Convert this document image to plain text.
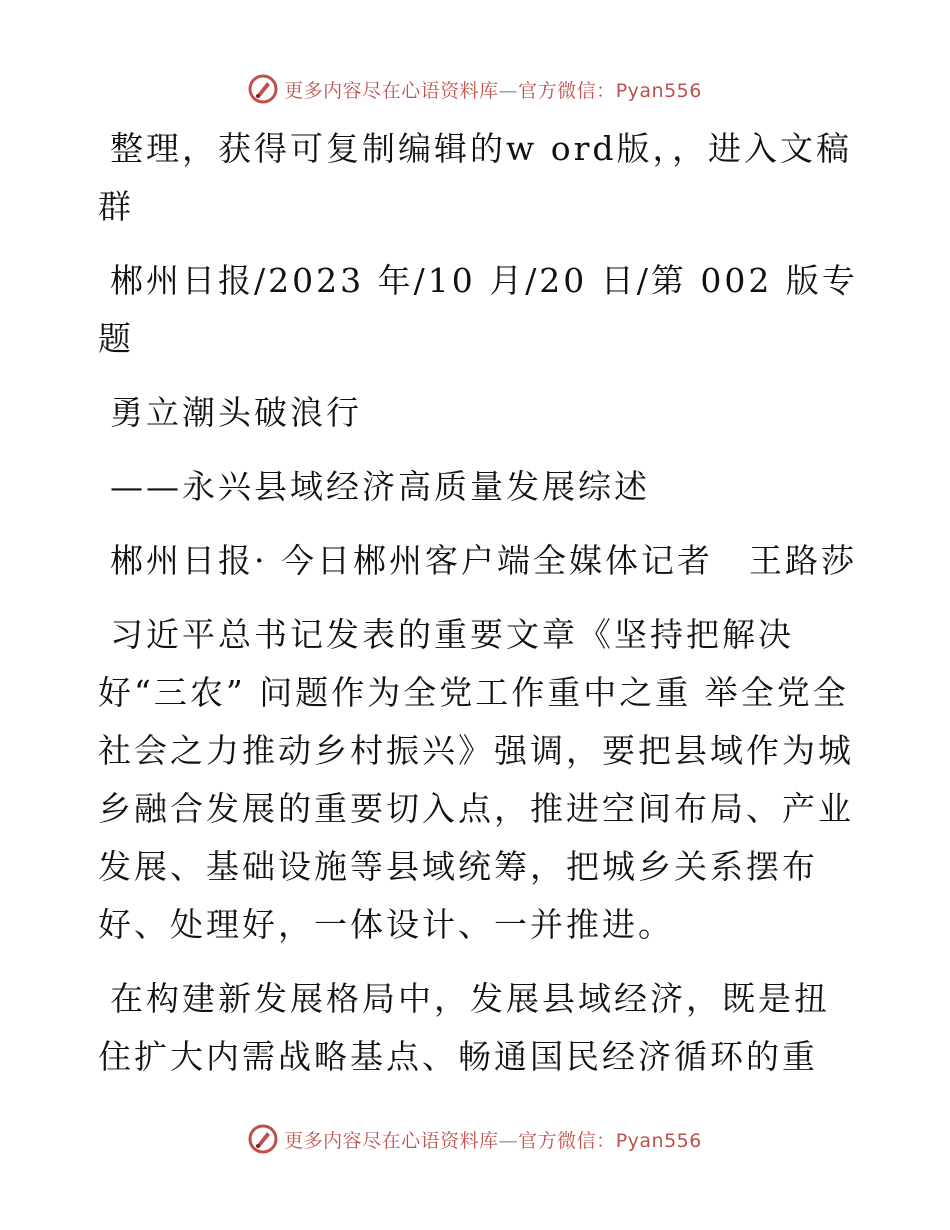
更多内容尽在心语资料库—官方微信：Pyan556

整理，获得可复制编辑的w ord版，，进入文稿群

郴州日报/2023 年/10 月/20 日/第 002 版专题

勇立潮头破浪行

——永兴县域经济高质量发展综述

郴州日报· 今日郴州客户端全媒体记者　王路莎

习近平总书记发表的重要文章《坚持把解决好“三农” 问题作为全党工作重中之重 举全党全社会之力推动乡村振兴》强调，要把县域作为城乡融合发展的重要切入点，推进空间布局、产业发展、基础设施等县域统筹，把城乡关系摆布好、处理好，一体设计、一并推进。

在构建新发展格局中，发展县域经济，既是扭住扩大内需战略基点、畅通国民经济循环的重

更多内容尽在心语资料库—官方微信：Pyan556
